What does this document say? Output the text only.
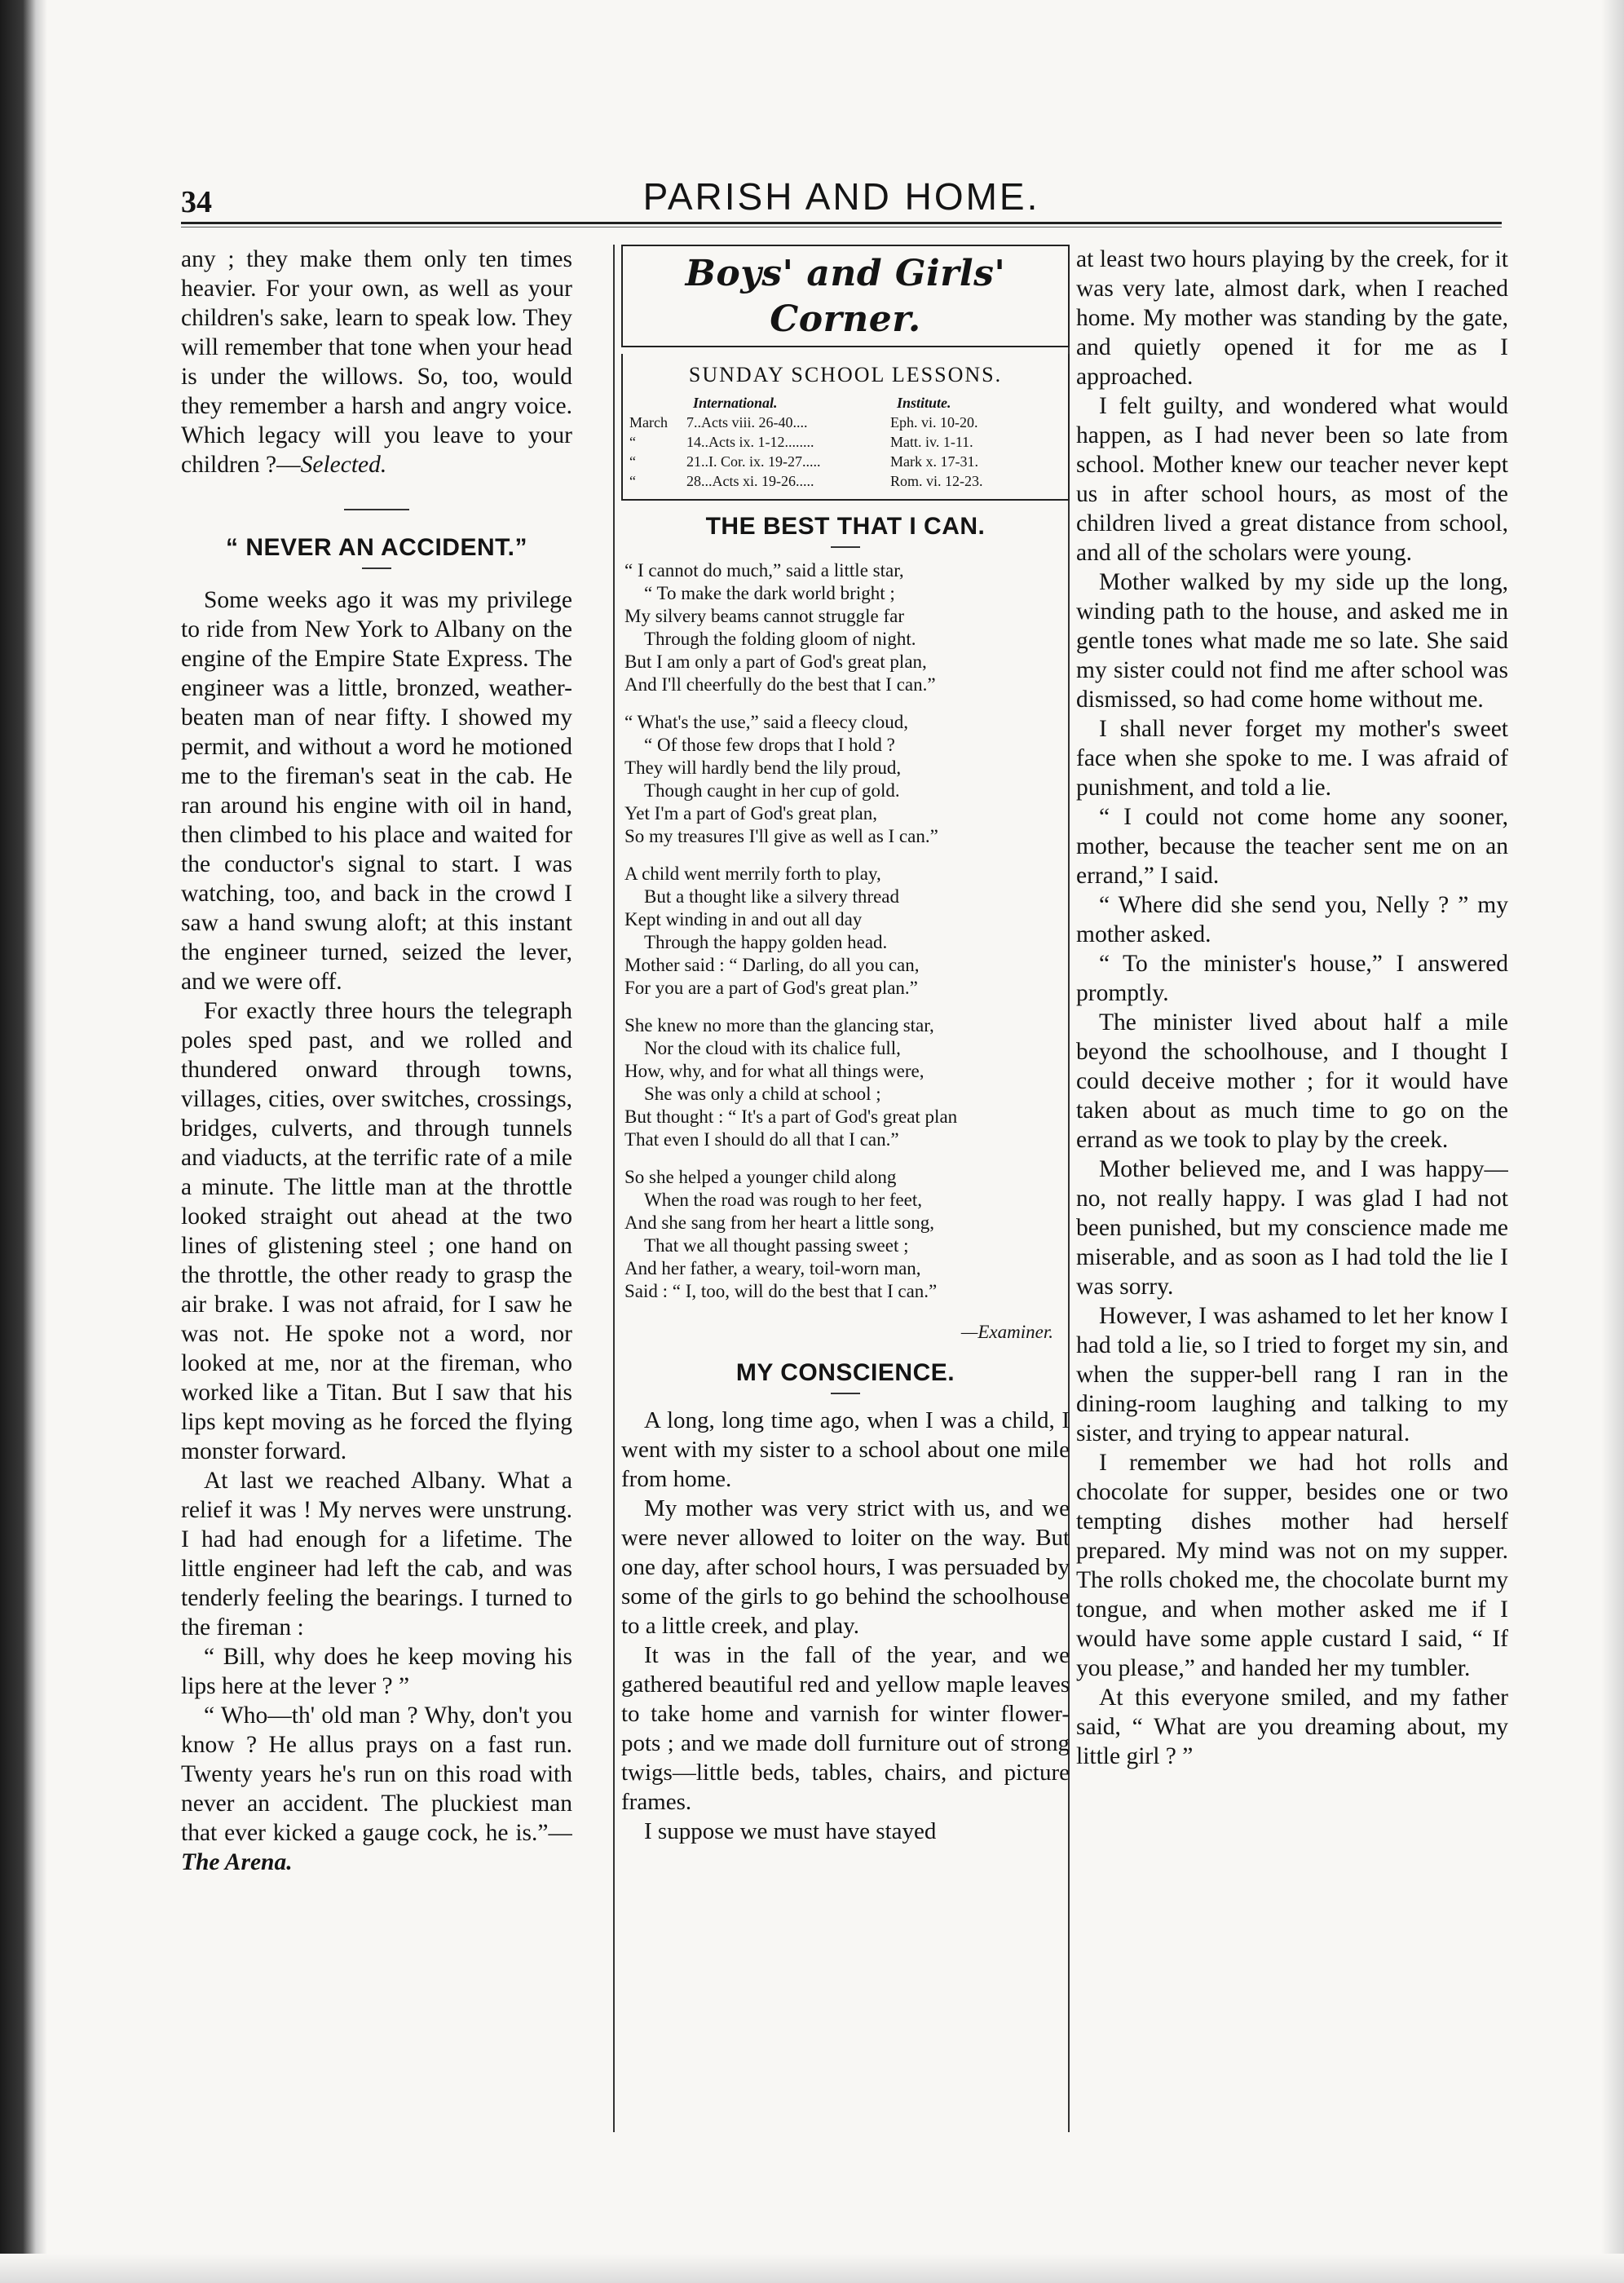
34	PARISH AND HOME.

any ; they make them only ten times heavier. For your own, as well as your children's sake, learn to speak low. They will remember that tone when your head is under the willows. So, too, would they remember a harsh and angry voice. Which legacy will you leave to your children ?—Selected.

“ NEVER AN ACCIDENT.”

Some weeks ago it was my privilege to ride from New York to Albany on the engine of the Empire State Express. The engineer was a little, bronzed, weather-beaten man of near fifty. I showed my permit, and without a word he motioned me to the fireman's seat in the cab. He ran around his engine with oil in hand, then climbed to his place and waited for the conductor's signal to start. I was watching, too, and back in the crowd I saw a hand swung aloft; at this instant the engineer turned, seized the lever, and we were off.

For exactly three hours the telegraph poles sped past, and we rolled and thundered onward through towns, villages, cities, over switches, crossings, bridges, culverts, and through tunnels and viaducts, at the terrific rate of a mile a minute. The little man at the throttle looked straight out ahead at the two lines of glistening steel ; one hand on the throttle, the other ready to grasp the air brake. I was not afraid, for I saw he was not. He spoke not a word, nor looked at me, nor at the fireman, who worked like a Titan. But I saw that his lips kept moving as he forced the flying monster forward.

At last we reached Albany. What a relief it was ! My nerves were unstrung. I had had enough for a lifetime. The little engineer had left the cab, and was tenderly feeling the bearings. I turned to the fireman :

“ Bill, why does he keep moving his lips here at the lever ? ”

“ Who—th' old man ? Why, don't you know ? He allus prays on a fast run. Twenty years he's run on this road with never an accident. The pluckiest man that ever kicked a gauge cock, he is.”—The Arena.

Boys' and Girls' Corner.
SUNDAY SCHOOL LESSONS.
International.	Institute.
March	7..Acts viii. 26-40....	Eph. vi. 10-20.
“	14..Acts ix. 1-12........	Matt. iv. 1-11.
“	21..I. Cor. ix. 19-27.....	Mark x. 17-31.
“	28...Acts xi. 19-26.....	Rom. vi. 12-23.
THE BEST THAT I CAN.
“ I cannot do much,” said a little star,
“ To make the dark world bright ;
My silvery beams cannot struggle far
Through the folding gloom of night.
But I am only a part of God's great plan,
And I'll cheerfully do the best that I can.”
“ What's the use,” said a fleecy cloud,
“ Of those few drops that I hold ?
They will hardly bend the lily proud,
Though caught in her cup of gold.
Yet I'm a part of God's great plan,
So my treasures I'll give as well as I can.”
A child went merrily forth to play,
But a thought like a silvery thread
Kept winding in and out all day
Through the happy golden head.
Mother said : “ Darling, do all you can,
For you are a part of God's great plan.”
She knew no more than the glancing star,
Nor the cloud with its chalice full,
How, why, and for what all things were,
She was only a child at school ;
But thought : “ It's a part of God's great plan
That even I should do all that I can.”
So she helped a younger child along
When the road was rough to her feet,
And she sang from her heart a little song,
That we all thought passing sweet ;
And her father, a weary, toil-worn man,
Said : “ I, too, will do the best that I can.”
—Examiner.
MY CONSCIENCE.

A long, long time ago, when I was a child, I went with my sister to a school about one mile from home.

My mother was very strict with us, and we were never allowed to loiter on the way. But one day, after school hours, I was persuaded by some of the girls to go behind the schoolhouse to a little creek, and play.

It was in the fall of the year, and we gathered beautiful red and yellow maple leaves to take home and varnish for winter flower-pots ; and we made doll furniture out of strong twigs—little beds, tables, chairs, and picture frames.

I suppose we must have stayed

at least two hours playing by the creek, for it was very late, almost dark, when I reached home. My mother was standing by the gate, and quietly opened it for me as I approached.

I felt guilty, and wondered what would happen, as I had never been so late from school. Mother knew our teacher never kept us in after school hours, as most of the children lived a great distance from school, and all of the scholars were young.

Mother walked by my side up the long, winding path to the house, and asked me in gentle tones what made me so late. She said my sister could not find me after school was dismissed, so had come home without me.

I shall never forget my mother's sweet face when she spoke to me. I was afraid of punishment, and told a lie.

“ I could not come home any sooner, mother, because the teacher sent me on an errand,” I said.

“ Where did she send you, Nelly ? ” my mother asked.

“ To the minister's house,” I answered promptly.

The minister lived about half a mile beyond the schoolhouse, and I thought I could deceive mother ; for it would have taken about as much time to go on the errand as we took to play by the creek.

Mother believed me, and I was happy—no, not really happy. I was glad I had not been punished, but my conscience made me miserable, and as soon as I had told the lie I was sorry.

However, I was ashamed to let her know I had told a lie, so I tried to forget my sin, and when the supper-bell rang I ran in the dining-room laughing and talking to my sister, and trying to appear natural.

I remember we had hot rolls and chocolate for supper, besides one or two tempting dishes mother had herself prepared. My mind was not on my supper. The rolls choked me, the chocolate burnt my tongue, and when mother asked me if I would have some apple custard I said, “ If you please,” and handed her my tumbler.

At this everyone smiled, and my father said, “ What are you dreaming about, my little girl ? ”
